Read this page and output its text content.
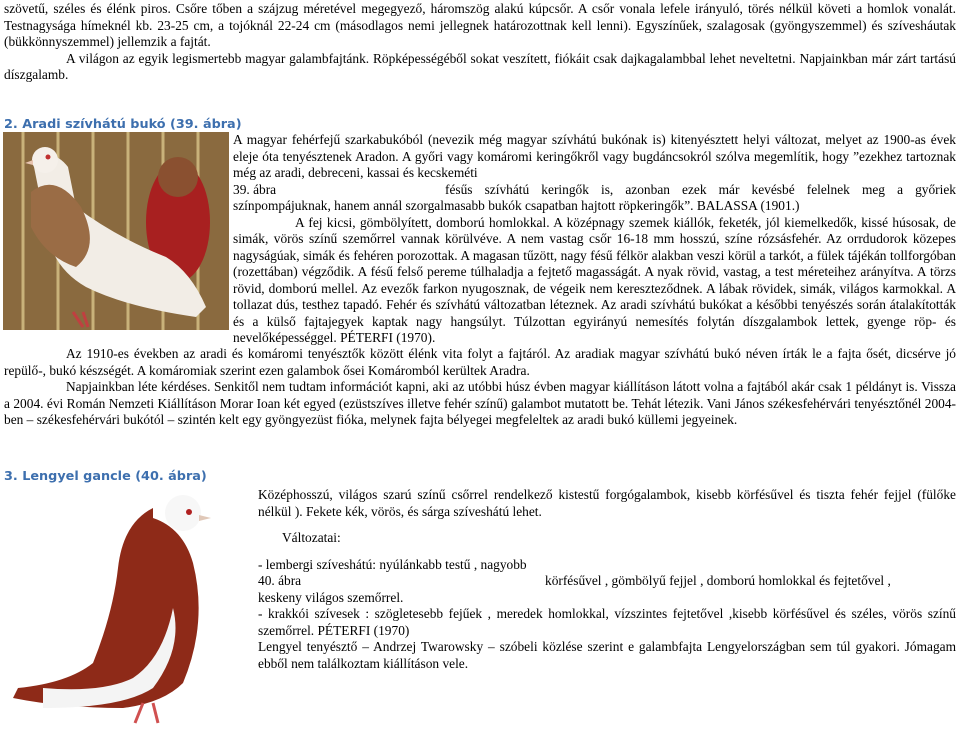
szövetű, széles és élénk piros. Csőre tőben a szájzug méretével megegyező, háromszög alakú kúpcsőr. A csőr vonala lefele irányuló, törés nélkül követi a homlok vonalát. Testnagysága hímeknél kb. 23-25 cm, a tojóknál 22-24 cm (másodlagos nemi jellegnek határozottnak kell lenni). Egyszínűek, szalagosak (gyöngyszemmel) és szívesháutak (bükkönnyszemmel) jellemzik a fajtát.

A világon az egyik legismertebb magyar galambfajtánk. Röpképességéből sokat veszített, fiókáit csak dajkagalambbal lehet neveltetni. Napjainkban már zárt tartású díszgalamb.

2. Aradi szívhátú bukó (39. ábra)

A magyar fehérfejű szarkabukóból (nevezik még magyar szívhátú bukónak is) kitenyésztett helyi változat, melyet az 1900-as évek eleje óta tenyésztenek Aradon. A győri vagy komáromi keringőkről vagy bugdáncsokról szólva megemlítik, hogy ”ezekhez tartoznak még az aradi, debreceni, kassai és kecskeméti

39. ábra	fésűs szívhátú keringők is, azonban ezek már kevésbé felelnek meg a győriek színpompájuknak, hanem annál szorgalmasabb bukók csapatban hajtott röpkeringők”. BALASSA (1901.)

A fej kicsi, gömbölyített, domború homlokkal. A középnagy szemek kiállók, feketék, jól kiemelkedők, kissé húsosak, de simák, vörös színű szemőrrel vannak körülvéve. A nem vastag csőr 16-18 mm hosszú, színe rózsásfehér. Az orrdudorok közepes nagyságúak, simák és fehéren porozottak. A magasan tűzött, nagy fésű félkör alakban veszi körül a tarkót, a fülek tájékán tollforgóban (rozettában) végződik. A fésű felső pereme túlhaladja a fejtető magasságát. A nyak rövid, vastag, a test méreteihez arányítva. A törzs rövid, domború mellel. Az evezők farkon nyugosznak, de végeik nem kereszteződnek. A lábak rövidek, simák, világos karmokkal. A tollazat dús, testhez tapadó. Fehér és szívhátú változatban léteznek. Az aradi szívhátú bukókat a későbbi tenyészés során átalakították és a külső fajtajegyek kaptak nagy hangsúlyt. Túlzottan egyirányú nemesítés folytán díszgalambok lettek, gyenge röp- és nevelőképességgel. PÉTERFI (1970).

Az 1910-es években az aradi és komáromi tenyésztők között élénk vita folyt a fajtáról. Az aradiak magyar szívhátú bukó néven írták le a fajta ősét, dicsérve jó repülő-, bukó készségét. A komáromiak szerint ezen galambok ősei Komáromból kerültek Aradra.

Napjainkban léte kérdéses. Senkitől nem tudtam információt kapni, aki az utóbbi húsz évben magyar kiállításon látott volna a fajtából akár csak 1 példányt is. Vissza a 2004. évi Román Nemzeti Kiállításon Morar Ioan két egyed (ezüstszíves illetve fehér színű) galambot mutatott be. Tehát létezik. Vani János székesfehérvári tenyésztőnél 2004-ben – székesfehérvári bukótól – szintén kelt egy gyöngyezüst fióka, melynek fajta bélyegei megfeleltek az aradi bukó küllemi jegyeinek.

3. Lengyel gancle (40. ábra)

Középhosszú, világos szarú színű csőrrel rendelkező kistestű forgógalambok, kisebb körfésűvel és tiszta fehér fejjel (fülőke nélkül ). Fekete kék, vörös, és sárga szíveshátú lehet.

Változatai:

- lembergi szíveshátú: nyúlánkabb testű , nagyobb

40. ábra	körfésűvel , gömbölyű fejjel , domború homlokkal és fejtetővel ,

keskeny világos szemőrrel.

- krakkói szívesek : szögletesebb fejűek , meredek homlokkal, vízszintes fejtetővel ,kisebb körfésűvel és széles, vörös színű szemőrrel. PÉTERFI (1970)

Lengyel tenyésztő – Andrzej Twarowsky – szóbeli közlése szerint e galambfajta Lengyelországban sem túl gyakori. Jómagam ebből nem találkoztam kiállításon vele.
